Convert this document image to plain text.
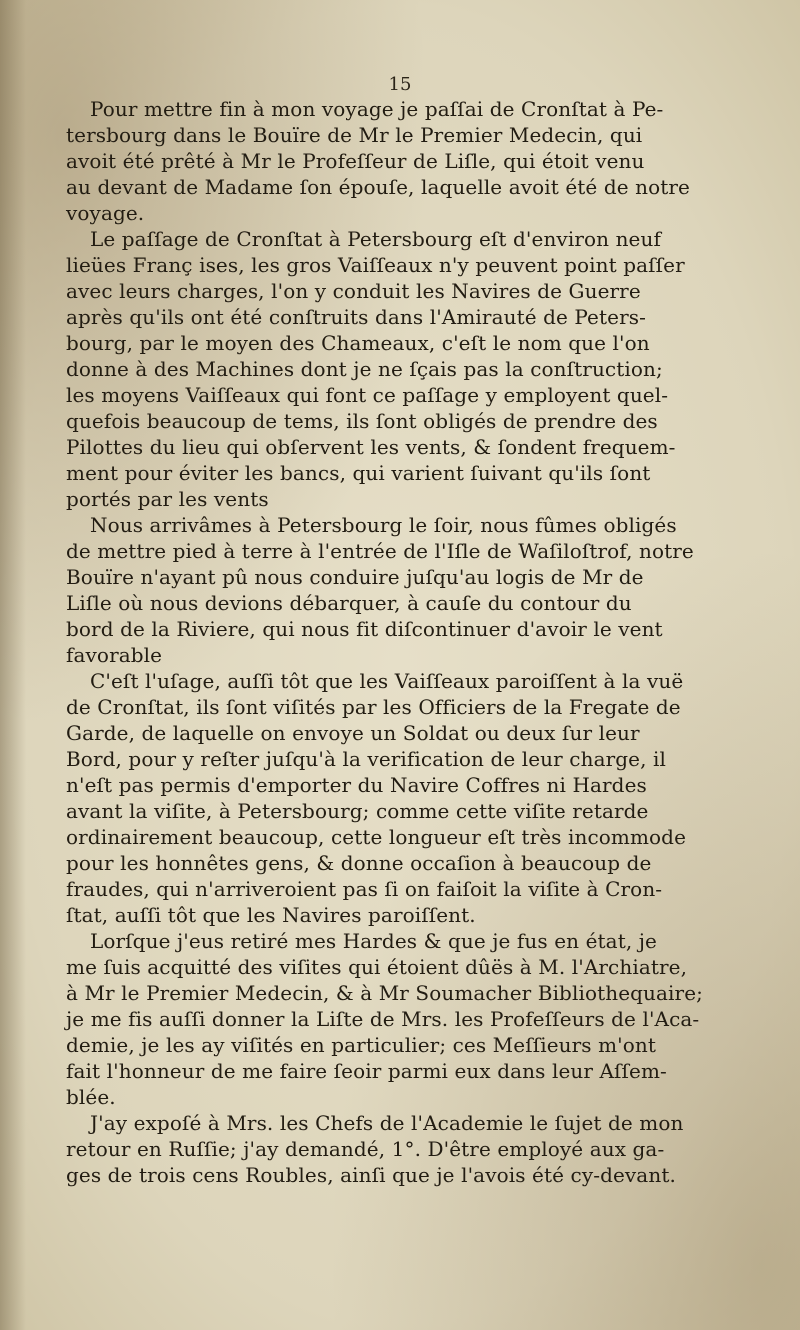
15
Pour mettre fin à mon voyage je paſſai de Cronſtat à Pe-
tersbourg dans le Bouïre de Mr le Premier Medecin, qui
avoit été prêté à Mr le Profeſſeur de Liſle, qui étoit venu
au devant de Madame ſon épouſe, laquelle avoit été de notre
voyage.
Le paſſage de Cronſtat à Petersbourg eſt d'environ neuf
lieües Franç ises, les gros Vaiſſeaux n'y peuvent point paſſer
avec leurs charges, l'on y conduit les Navires de Guerre
après qu'ils ont été conſtruits dans l'Amirauté de Peters-
bourg, par le moyen des Chameaux, c'eſt le nom que l'on
donne à des Machines dont je ne ſçais pas la conſtruction;
les moyens Vaiſſeaux qui font ce paſſage y employent quel-
quefois beaucoup de tems, ils ſont obligés de prendre des
Pilottes du lieu qui obſervent les vents, & ſondent frequem-
ment pour éviter les bancs, qui varient ſuivant qu'ils ſont
portés par les vents
Nous arrivâmes à Petersbourg le ſoir, nous fûmes obligés
de mettre pied à terre à l'entrée de l'Iſle de Waſiloſtrof, notre
Bouïre n'ayant pû nous conduire juſqu'au logis de Mr de
Liſle où nous devions débarquer, à cauſe du contour du
bord de la Riviere, qui nous fit diſcontinuer d'avoir le vent
favorable
C'eſt l'uſage, auſſi tôt que les Vaiſſeaux paroiſſent à la vuë
de Cronſtat, ils ſont viſités par les Officiers de la Fregate de
Garde, de laquelle on envoye un Soldat ou deux ſur leur
Bord, pour y reſter juſqu'à la verification de leur charge, il
n'eſt pas permis d'emporter du Navire Coffres ni Hardes
avant la viſite, à Petersbourg; comme cette viſite retarde
ordinairement beaucoup, cette longueur eſt très incommode
pour les honnêtes gens, & donne occaſion à beaucoup de
fraudes, qui n'arriveroient pas ſi on faiſoit la viſite à Cron-
ſtat, auſſi tôt que les Navires paroiſſent.
Lorſque j'eus retiré mes Hardes & que je fus en état, je
me ſuis acquitté des viſites qui étoient dûës à M. l'Archiatre,
à Mr le Premier Medecin, & à Mr Soumacher Bibliothequaire;
je me fis auſſi donner la Liſte de Mrs. les Profeſſeurs de l'Aca-
demie, je les ay viſités en particulier; ces Meſſieurs m'ont
fait l'honneur de me faire ſeoir parmi eux dans leur Aſſem-
blée.
J'ay expoſé à Mrs. les Chefs de l'Academie le ſujet de mon
retour en Ruſſie; j'ay demandé, 1°. D'être employé aux ga-
ges de trois cens Roubles, ainſi que je l'avois été cy-devant.
